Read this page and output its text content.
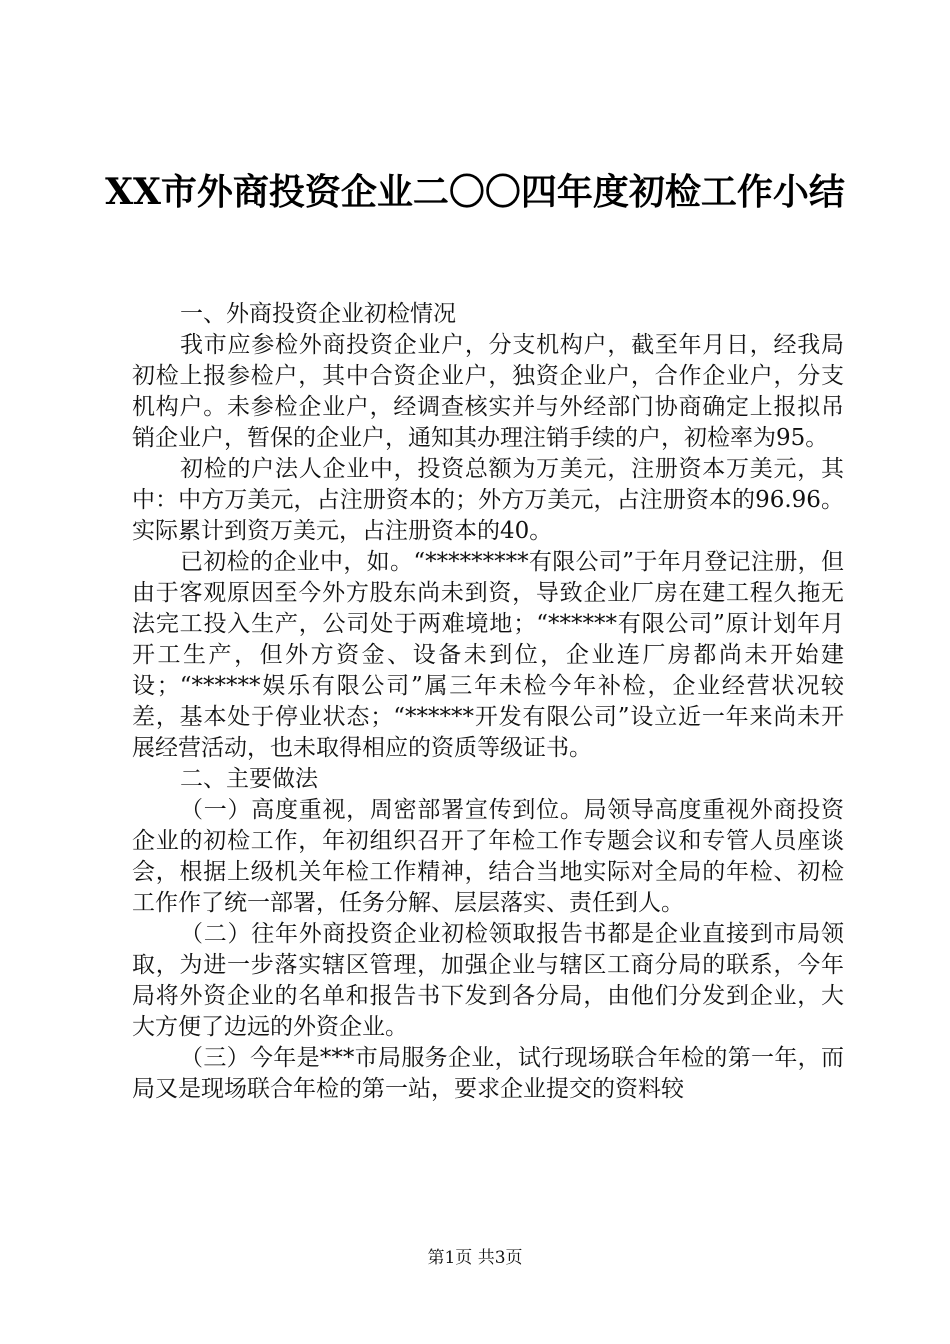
XX市外商投资企业二〇〇四年度初检工作小结

一、外商投资企业初检情况

我市应参检外商投资企业户，分支机构户，截至年月日，经我局初检上报参检户，其中合资企业户，独资企业户，合作企业户，分支机构户。未参检企业户，经调查核实并与外经部门协商确定上报拟吊销企业户，暂保的企业户，通知其办理注销手续的户，初检率为95。

初检的户法人企业中，投资总额为万美元，注册资本万美元，其中：中方万美元，占注册资本的；外方万美元，占注册资本的96.96。实际累计到资万美元，占注册资本的40。

已初检的企业中，如。“*********有限公司”于年月登记注册，但由于客观原因至今外方股东尚未到资，导致企业厂房在建工程久拖无法完工投入生产，公司处于两难境地；“******有限公司”原计划年月开工生产，但外方资金、设备未到位，企业连厂房都尚未开始建设；“******娱乐有限公司”属三年未检今年补检，企业经营状况较差，基本处于停业状态；“******开发有限公司”设立近一年来尚未开展经营活动，也未取得相应的资质等级证书。

二、主要做法

（一）高度重视，周密部署宣传到位。局领导高度重视外商投资企业的初检工作，年初组织召开了年检工作专题会议和专管人员座谈会，根据上级机关年检工作精神，结合当地实际对全局的年检、初检工作作了统一部署，任务分解、层层落实、责任到人。

（二）往年外商投资企业初检领取报告书都是企业直接到市局领取，为进一步落实辖区管理，加强企业与辖区工商分局的联系，今年局将外资企业的名单和报告书下发到各分局，由他们分发到企业，大大方便了边远的外资企业。

（三）今年是***市局服务企业，试行现场联合年检的第一年，而局又是现场联合年检的第一站，要求企业提交的资料较

第1页 共3页
